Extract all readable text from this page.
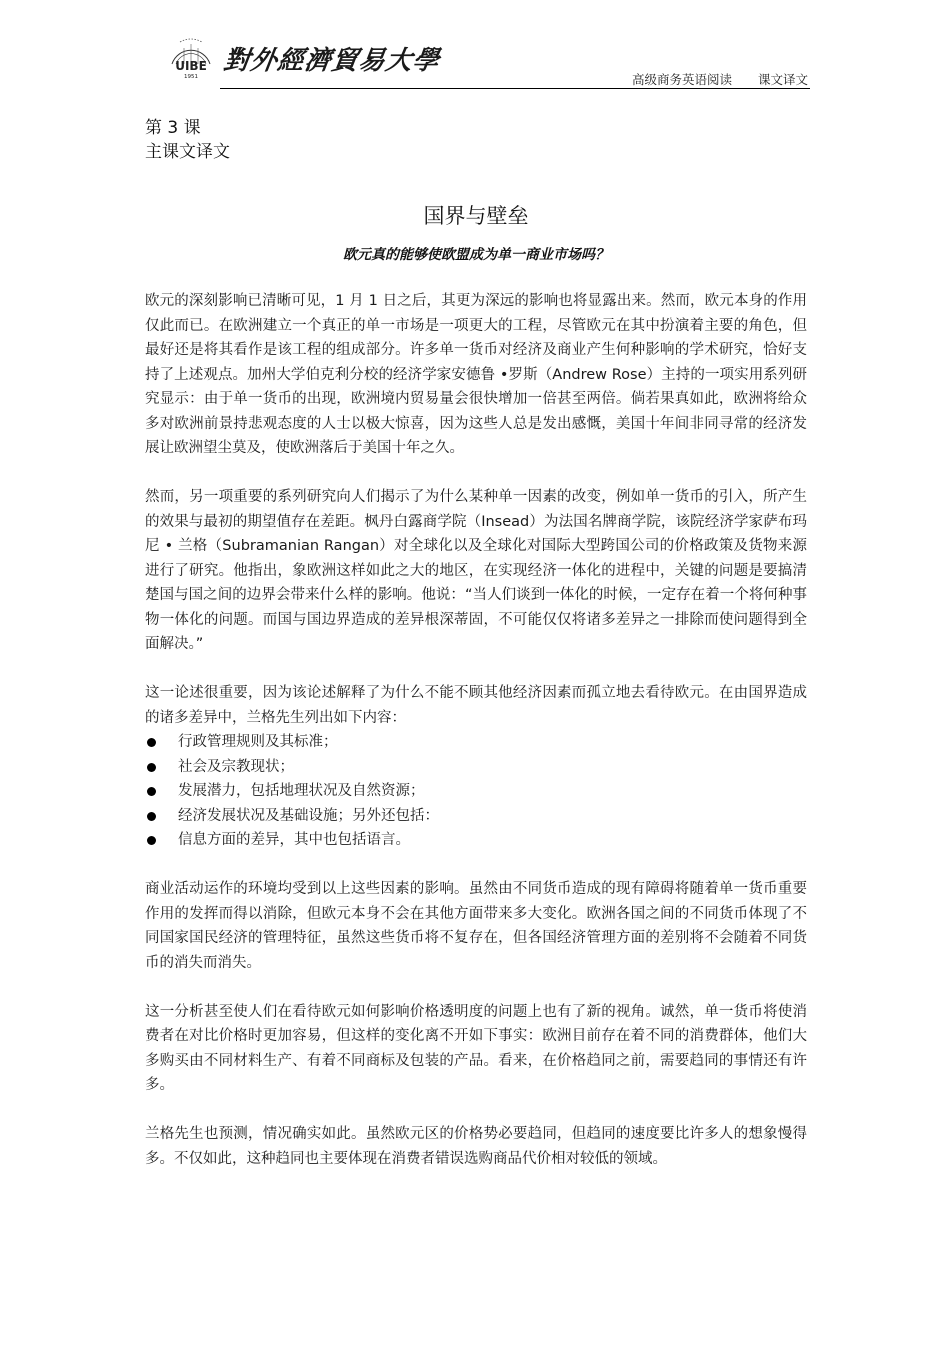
UIBE
1951
對外經濟貿易大學
高级商务英语阅读 课文译文
第 3 课
主课文译文
国界与壁垒
欧元真的能够使欧盟成为单一商业市场吗？

欧元的深刻影响已清晰可见，1 月 1 日之后，其更为深远的影响也将显露出来。然而，欧元本身的作用仅此而已。在欧洲建立一个真正的单一市场是一项更大的工程，尽管欧元在其中扮演着主要的角色，但最好还是将其看作是该工程的组成部分。许多单一货币对经济及商业产生何种影响的学术研究，恰好支持了上述观点。加州大学伯克利分校的经济学家安德鲁 •罗斯（Andrew Rose）主持的一项实用系列研究显示：由于单一货币的出现，欧洲境内贸易量会很快增加一倍甚至两倍。倘若果真如此，欧洲将给众多对欧洲前景持悲观态度的人士以极大惊喜，因为这些人总是发出感慨，美国十年间非同寻常的经济发展让欧洲望尘莫及，使欧洲落后于美国十年之久。

然而，另一项重要的系列研究向人们揭示了为什么某种单一因素的改变，例如单一货币的引入，所产生的效果与最初的期望值存在差距。枫丹白露商学院（Insead）为法国名牌商学院，该院经济学家萨布玛尼 • 兰格（Subramanian Rangan）对全球化以及全球化对国际大型跨国公司的价格政策及货物来源进行了研究。他指出，象欧洲这样如此之大的地区，在实现经济一体化的进程中，关键的问题是要搞清楚国与国之间的边界会带来什么样的影响。他说：“当人们谈到一体化的时候，一定存在着一个将何种事物一体化的问题。而国与国边界造成的差异根深蒂固，不可能仅仅将诸多差异之一排除而使问题得到全面解决。”

这一论述很重要，因为该论述解释了为什么不能不顾其他经济因素而孤立地去看待欧元。在由国界造成的诸多差异中，兰格先生列出如下内容：

行政管理规则及其标准；
社会及宗教现状；
发展潜力，包括地理状况及自然资源；
经济发展状况及基础设施；另外还包括：
信息方面的差异，其中也包括语言。

商业活动运作的环境均受到以上这些因素的影响。虽然由不同货币造成的现有障碍将随着单一货币重要作用的发挥而得以消除，但欧元本身不会在其他方面带来多大变化。欧洲各国之间的不同货币体现了不同国家国民经济的管理特征，虽然这些货币将不复存在，但各国经济管理方面的差别将不会随着不同货币的消失而消失。

这一分析甚至使人们在看待欧元如何影响价格透明度的问题上也有了新的视角。诚然，单一货币将使消费者在对比价格时更加容易，但这样的变化离不开如下事实：欧洲目前存在着不同的消费群体，他们大多购买由不同材料生产、有着不同商标及包装的产品。看来，在价格趋同之前，需要趋同的事情还有许多。

兰格先生也预测，情况确实如此。虽然欧元区的价格势必要趋同，但趋同的速度要比许多人的想象慢得多。不仅如此，这种趋同也主要体现在消费者错误选购商品代价相对较低的领域。
